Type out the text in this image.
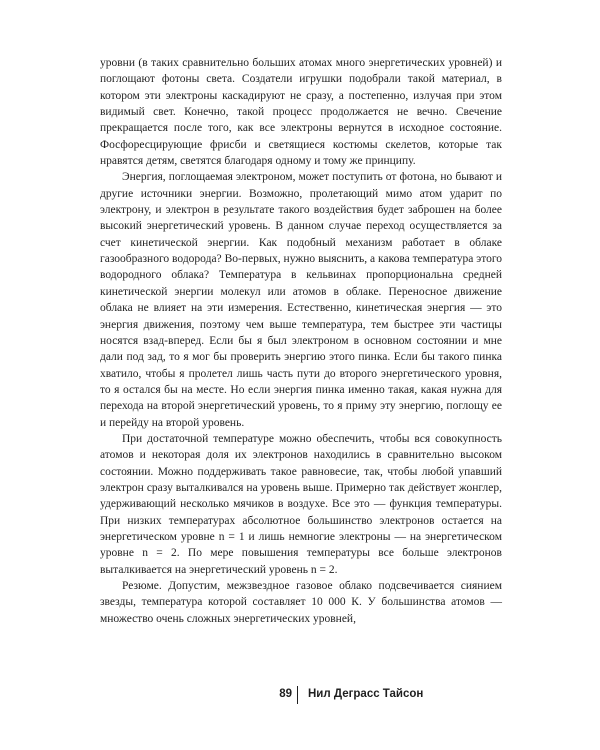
уровни (в таких сравнительно больших атомах много энергетических уровней) и поглощают фотоны света. Создатели игрушки подобрали такой материал, в котором эти электроны каскадируют не сразу, а постепенно, излучая при этом видимый свет. Конечно, такой процесс продолжается не вечно. Свечение прекращается после того, как все электроны вернутся в исходное состояние. Фосфоресцирующие фрисби и светящиеся костюмы скелетов, которые так нравятся детям, светятся благодаря одному и тому же принципу.

Энергия, поглощаемая электроном, может поступить от фотона, но бывают и другие источники энергии. Возможно, пролетающий мимо атом ударит по электрону, и электрон в результате такого воздействия будет заброшен на более высокий энергетический уровень. В данном случае переход осуществляется за счет кинетической энергии. Как подобный механизм работает в облаке газообразного водорода? Во-первых, нужно выяснить, а какова температура этого водородного облака? Температура в кельвинах пропорциональна средней кинетической энергии молекул или атомов в облаке. Переносное движение облака не влияет на эти измерения. Естественно, кинетическая энергия — это энергия движения, поэтому чем выше температура, тем быстрее эти частицы носятся взад-вперед. Если бы я был электроном в основном состоянии и мне дали под зад, то я мог бы проверить энергию этого пинка. Если бы такого пинка хватило, чтобы я пролетел лишь часть пути до второго энергетического уровня, то я остался бы на месте. Но если энергия пинка именно такая, какая нужна для перехода на второй энергетический уровень, то я приму эту энергию, поглощу ее и перейду на второй уровень.

При достаточной температуре можно обеспечить, чтобы вся совокупность атомов и некоторая доля их электронов находились в сравнительно высоком состоянии. Можно поддерживать такое равновесие, так, чтобы любой упавший электрон сразу выталкивался на уровень выше. Примерно так действует жонглер, удерживающий несколько мячиков в воздухе. Все это — функция температуры. При низких температурах абсолютное большинство электронов остается на энергетическом уровне n = 1 и лишь немногие электроны — на энергетическом уровне n = 2. По мере повышения температуры все больше электронов выталкивается на энергетический уровень n = 2.

Резюме. Допустим, межзвездное газовое облако подсвечивается сиянием звезды, температура которой составляет 10 000 К. У большинства атомов — множество очень сложных энергетических уровней,

89 Нил Деграсс Тайсон
